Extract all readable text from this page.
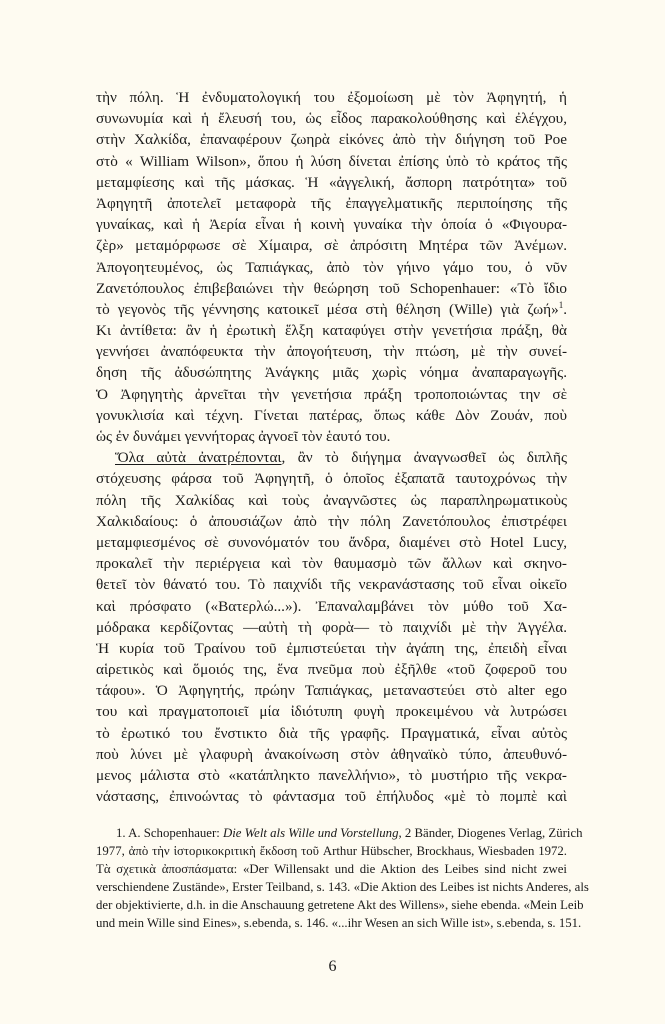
τὴν πόλη. Ἡ ἐνδυματολογική του ἐξομοίωση μὲ τὸν Ἀφηγητή, ἡ
συνωνυμία καὶ ἡ ἔλευσή του, ὡς εἶδος παρακολούθησης καὶ ἐλέγχου,
στὴν Χαλκίδα, ἐπαναφέρουν ζωηρὰ εἰκόνες ἀπὸ τὴν διήγηση τοῦ Poe
στὸ « William Wilson», ὅπου ἡ λύση δίνεται ἐπίσης ὑπὸ τὸ κράτος τῆς
μεταμφίεσης καὶ τῆς μάσκας. Ἡ «ἀγγελική, ἄσπορη πατρότητα» τοῦ
Ἀφηγητῆ ἀποτελεῖ μεταφορὰ τῆς ἐπαγγελματικῆς περιποίησης τῆς
γυναίκας, καὶ ἡ Ἀερία εἶναι ἡ κοινὴ γυναίκα τὴν ὁποία ὁ «Φιγουρα-
ζὲρ» μεταμόρφωσε σὲ Χίμαιρα, σὲ ἀπρόσιτη Μητέρα τῶν Ἀνέμων.
Ἀπογοητευμένος, ὡς Ταπιάγκας, ἀπὸ τὸν γήινο γάμο του, ὁ νῦν
Ζανετόπουλος ἐπιβεβαιώνει τὴν θεώρηση τοῦ Schopenhauer: «Τὸ ἴδιο
τὸ γεγονὸς τῆς γέννησης κατοικεῖ μέσα στὴ θέληση (Wille) γιὰ ζωή»$^1$.
Κι ἀντίθετα: ἂν ἡ ἐρωτικὴ ἕλξη καταφύγει στὴν γενετήσια πράξη, θὰ
γεννήσει ἀναπόφευκτα τὴν ἀπογοήτευση, τὴν πτώση, μὲ τὴν συνεί-
δηση τῆς ἀδυσώπητης Ἀνάγκης μιᾶς χωρὶς νόημα ἀναπαραγωγῆς.
Ὁ Ἀφηγητὴς ἀρνεῖται τὴν γενετήσια πράξη τροποποιώντας την σὲ
γονυκλισία καὶ τέχνη. Γίνεται πατέρας, ὅπως κάθε Δὸν Ζουάν, ποὺ
ὡς ἐν δυνάμει γεννήτορας ἀγνοεῖ τὸν ἑαυτό του.
Ὅλα αὐτὰ ἀνατρέπονται, ἂν τὸ διήγημα ἀναγνωσθεῖ ὡς διπλῆς
στόχευσης φάρσα τοῦ Ἀφηγητῆ, ὁ ὁποῖος ἐξαπατᾶ ταυτοχρόνως τὴν
πόλη τῆς Χαλκίδας καὶ τοὺς ἀναγνῶστες ὡς παραπληρωματικοὺς
Χαλκιδαίους: ὁ ἀπουσιάζων ἀπὸ τὴν πόλη Ζανετόπουλος ἐπιστρέφει
μεταμφιεσμένος σὲ συνονόματόν του ἄνδρα, διαμένει στὸ Hotel Lucy,
προκαλεῖ τὴν περιέργεια καὶ τὸν θαυμασμὸ τῶν ἄλλων καὶ σκηνο-
θετεῖ τὸν θάνατό του. Τὸ παιχνίδι τῆς νεκρανάστασης τοῦ εἶναι οἰκεῖο
καὶ πρόσφατο («Βατερλώ...»). Ἐπαναλαμβάνει τὸν μύθο τοῦ Χα-
μόδρακα κερδίζοντας —αὐτὴ τὴ φορὰ— τὸ παιχνίδι μὲ τὴν Ἀγγέλα.
Ἡ κυρία τοῦ Τραίνου τοῦ ἐμπιστεύεται τὴν ἀγάπη της, ἐπειδὴ εἶναι
αἱρετικὸς καὶ ὅμοιός της, ἕνα πνεῦμα ποὺ ἐξῆλθε «τοῦ ζοφεροῦ του
τάφου». Ὁ Ἀφηγητής, πρώην Ταπιάγκας, μεταναστεύει στὸ alter ego
του καὶ πραγματοποιεῖ μία ἰδιότυπη φυγὴ προκειμένου νὰ λυτρώσει
τὸ ἐρωτικό του ἔνστικτο διὰ τῆς γραφῆς. Πραγματικά, εἶναι αὐτὸς
ποὺ λύνει μὲ γλαφυρὴ ἀνακοίνωση στὸν ἀθηναϊκὸ τύπο, ἀπευθυνό-
μενος μάλιστα στὸ «κατάπληκτο πανελλήνιο», τὸ μυστήριο τῆς νεκρα-
νάστασης, ἐπινοώντας τὸ φάντασμα τοῦ ἐπήλυδος «μὲ τὸ πομπὲ καὶ
1. A. Schopenhauer: Die Welt als Wille und Vorstellung, 2 Bänder, Diogenes Verlag, Zürich
1977, ἀπὸ τὴν ἱστορικοκριτικὴ ἔκδοση τοῦ Arthur Hübscher, Brockhaus, Wiesbaden 1972.
Τὰ σχετικὰ ἀποσπάσματα: «Der Willensakt und die Aktion des Leibes sind nicht zwei
verschiendene Zustände», Erster Teilband, s. 143. «Die Aktion des Leibes ist nichts Anderes, als
der objektivierte, d.h. in die Anschauung getretene Akt des Willens», siehe ebenda. «Mein Leib
und mein Wille sind Eines», s.ebenda, s. 146. «...ihr Wesen an sich Wille ist», s.ebenda, s. 151.
6
